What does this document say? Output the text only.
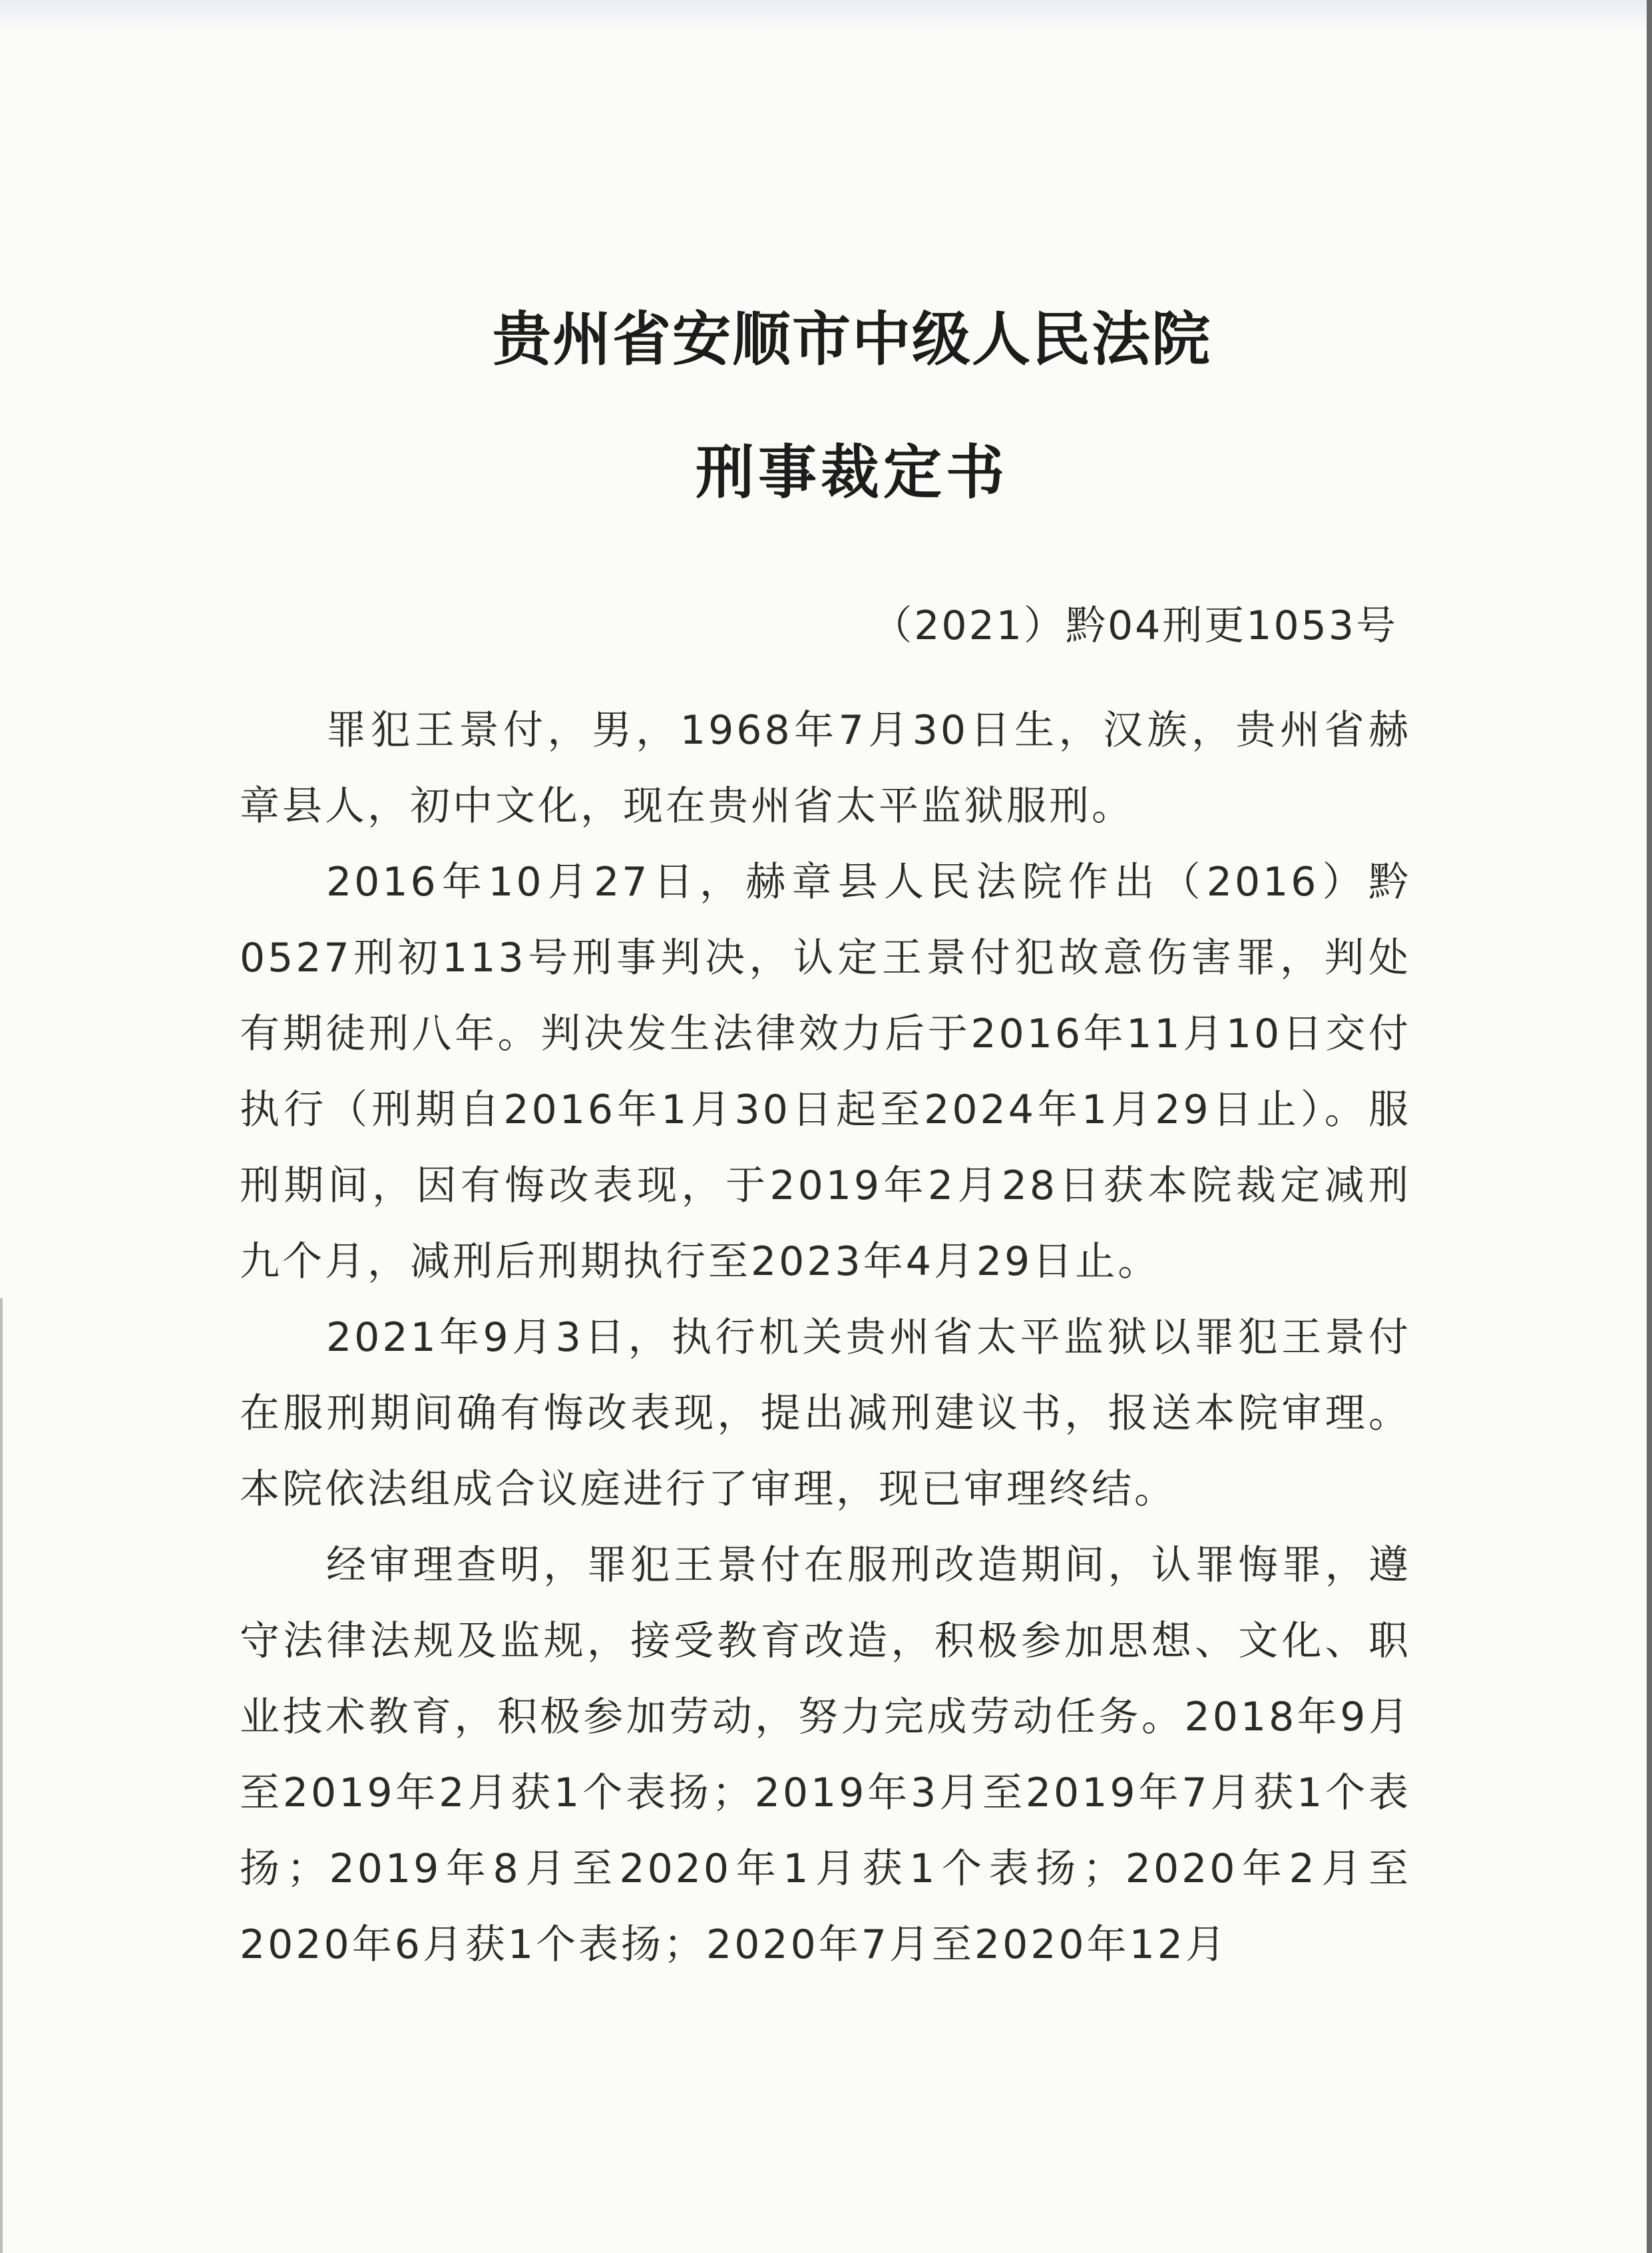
贵州省安顺市中级人民法院
刑事裁定书

（2021）黔04刑更1053号

罪犯王景付，男，1968年7月30日生，汉族，贵州省赫章县人，初中文化，现在贵州省太平监狱服刑。

2016年10月27日，赫章县人民法院作出（2016）黔0527刑初113号刑事判决，认定王景付犯故意伤害罪，判处有期徒刑八年。判决发生法律效力后于2016年11月10日交付执行（刑期自2016年1月30日起至2024年1月29日止）。服刑期间，因有悔改表现，于2019年2月28日获本院裁定减刑九个月，减刑后刑期执行至2023年4月29日止。

2021年9月3日，执行机关贵州省太平监狱以罪犯王景付在服刑期间确有悔改表现，提出减刑建议书，报送本院审理。本院依法组成合议庭进行了审理，现已审理终结。

经审理查明，罪犯王景付在服刑改造期间，认罪悔罪，遵守法律法规及监规，接受教育改造，积极参加思想、文化、职业技术教育，积极参加劳动，努力完成劳动任务。2018年9月至2019年2月获1个表扬；2019年3月至2019年7月获1个表扬；2019年8月至2020年1月获1个表扬；2020年2月至2020年6月获1个表扬；2020年7月至2020年12月
